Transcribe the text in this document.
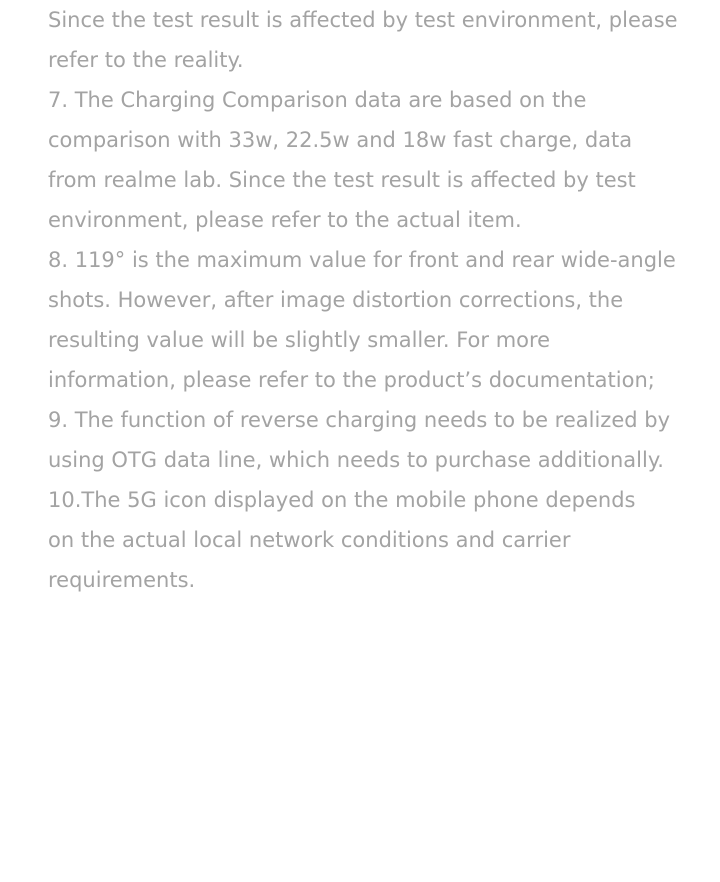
Since the test result is affected by test environment, please
refer to the reality.
7. The Charging Comparison data are based on the
comparison with 33w, 22.5w and 18w fast charge, data
from realme lab. Since the test result is affected by test
environment, please refer to the actual item.
8. 119° is the maximum value for front and rear wide-angle
shots. However, after image distortion corrections, the
resulting value will be slightly smaller. For more
information, please refer to the product’s documentation;
9. The function of reverse charging needs to be realized by
using OTG data line, which needs to purchase additionally.
10.The 5G icon displayed on the mobile phone depends
on the actual local network conditions and carrier
requirements.
